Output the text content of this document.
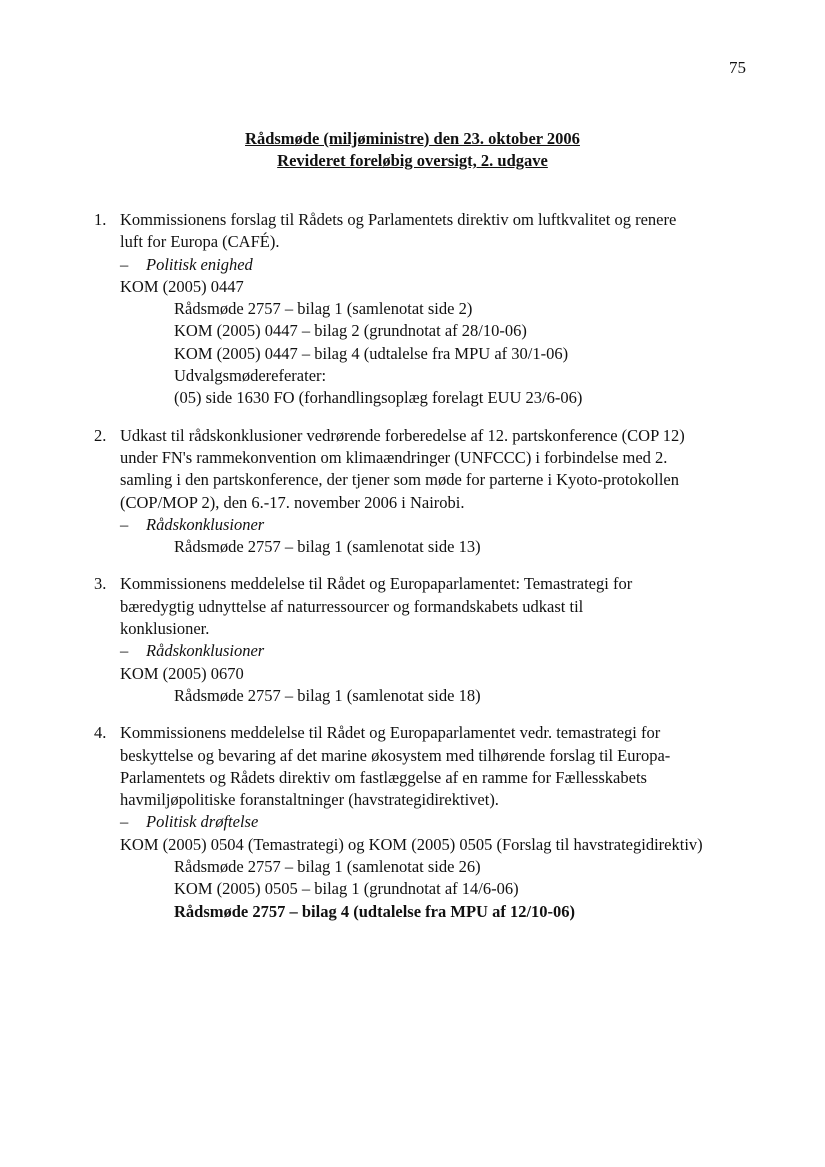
75
Rådsmøde (miljøministre) den 23. oktober 2006
Revideret foreløbig oversigt, 2. udgave
1. Kommissionens forslag til Rådets og Parlamentets direktiv om luftkvalitet og renere
luft for Europa (CAFÉ).
– Politisk enighed
KOM (2005) 0447
Rådsmøde 2757 – bilag 1 (samlenotat side 2)
KOM (2005) 0447 – bilag 2 (grundnotat af 28/10-06)
KOM (2005) 0447 – bilag 4 (udtalelse fra MPU af 30/1-06)
Udvalgsmødereferater:
(05) side 1630 FO (forhandlingsoplæg forelagt EUU 23/6-06)
2. Udkast til rådskonklusioner vedrørende forberedelse af 12. partskonference (COP 12)
under FN's rammekonvention om klimaændringer (UNFCCC) i forbindelse med 2.
samling i den partskonference, der tjener som møde for parterne i Kyoto-protokollen
(COP/MOP 2), den 6.-17. november 2006 i Nairobi.
– Rådskonklusioner
Rådsmøde 2757 – bilag 1 (samlenotat side 13)
3. Kommissionens meddelelse til Rådet og Europaparlamentet: Temastrategi for
bæredygtig udnyttelse af naturressourcer og formandskabets udkast til
konklusioner.
– Rådskonklusioner
KOM (2005) 0670
Rådsmøde 2757 – bilag 1 (samlenotat side 18)
4. Kommissionens meddelelse til Rådet og Europaparlamentet vedr. temastrategi for
beskyttelse og bevaring af det marine økosystem med tilhørende forslag til Europa-
Parlamentets og Rådets direktiv om fastlæggelse af en ramme for Fællesskabets
havmiljøpolitiske foranstaltninger (havstrategidirektivet).
– Politisk drøftelse
KOM (2005) 0504 (Temastrategi) og KOM (2005) 0505 (Forslag til havstrategidirektiv)
Rådsmøde 2757 – bilag 1 (samlenotat side 26)
KOM (2005) 0505 – bilag 1 (grundnotat af 14/6-06)
Rådsmøde 2757 – bilag 4 (udtalelse fra MPU af 12/10-06)
